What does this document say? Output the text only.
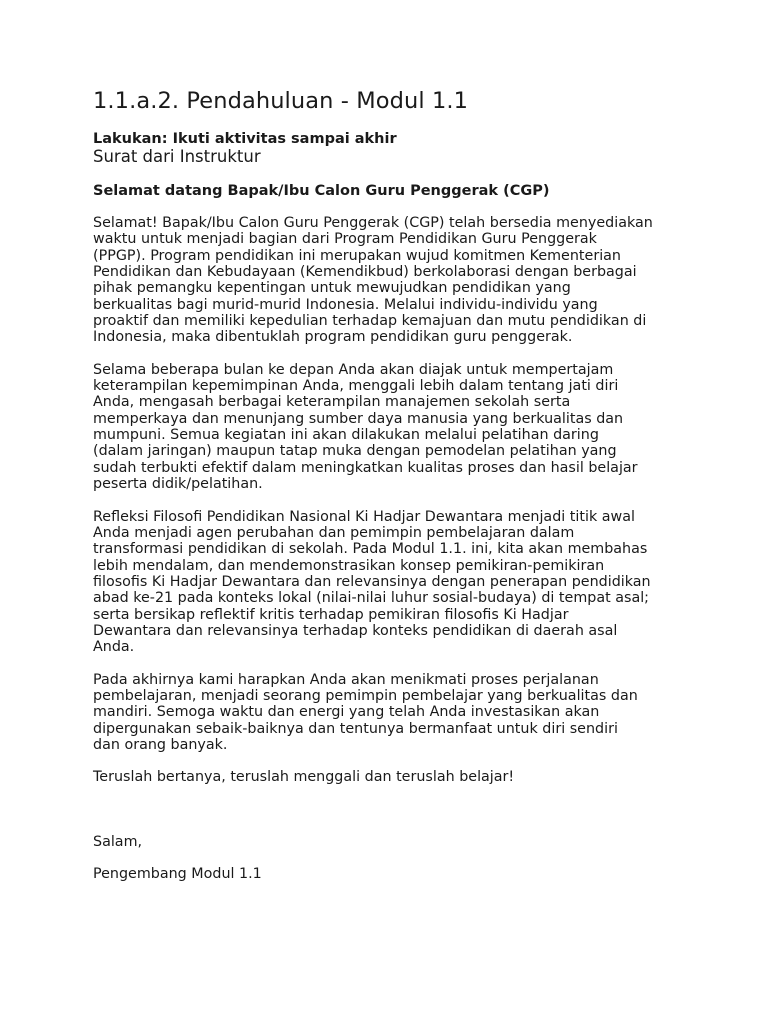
1.1.a.2. Pendahuluan - Modul 1.1
Lakukan: Ikuti aktivitas sampai akhir
Surat dari Instruktur
Selamat datang Bapak/Ibu Calon Guru Penggerak (CGP)
Selamat! Bapak/Ibu Calon Guru Penggerak (CGP) telah bersedia menyediakan
waktu untuk menjadi bagian dari Program Pendidikan Guru Penggerak
(PPGP). Program pendidikan ini merupakan wujud komitmen Kementerian
Pendidikan dan Kebudayaan (Kemendikbud) berkolaborasi dengan berbagai
pihak pemangku kepentingan untuk mewujudkan pendidikan yang
berkualitas bagi murid-murid Indonesia. Melalui individu-individu yang
proaktif dan memiliki kepedulian terhadap kemajuan dan mutu pendidikan di
Indonesia, maka dibentuklah program pendidikan guru penggerak.
Selama beberapa bulan ke depan Anda akan diajak untuk mempertajam
keterampilan kepemimpinan Anda, menggali lebih dalam tentang jati diri
Anda, mengasah berbagai keterampilan manajemen sekolah serta
memperkaya dan menunjang sumber daya manusia yang berkualitas dan
mumpuni. Semua kegiatan ini akan dilakukan melalui pelatihan daring
(dalam jaringan) maupun tatap muka dengan pemodelan pelatihan yang
sudah terbukti efektif dalam meningkatkan kualitas proses dan hasil belajar
peserta didik/pelatihan.
Refleksi Filosofi Pendidikan Nasional Ki Hadjar Dewantara menjadi titik awal
Anda menjadi agen perubahan dan pemimpin pembelajaran dalam
transformasi pendidikan di sekolah. Pada Modul 1.1. ini, kita akan membahas
lebih mendalam, dan mendemonstrasikan konsep pemikiran-pemikiran
filosofis Ki Hadjar Dewantara dan relevansinya dengan penerapan pendidikan
abad ke-21 pada konteks lokal (nilai-nilai luhur sosial-budaya) di tempat asal;
serta bersikap reflektif kritis terhadap pemikiran filosofis Ki Hadjar
Dewantara dan relevansinya terhadap konteks pendidikan di daerah asal
Anda.
Pada akhirnya kami harapkan Anda akan menikmati proses perjalanan
pembelajaran, menjadi seorang pemimpin pembelajar yang berkualitas dan
mandiri. Semoga waktu dan energi yang telah Anda investasikan akan
dipergunakan sebaik-baiknya dan tentunya bermanfaat untuk diri sendiri
dan orang banyak.
Teruslah bertanya, teruslah menggali dan teruslah belajar!
Salam,
Pengembang Modul 1.1
